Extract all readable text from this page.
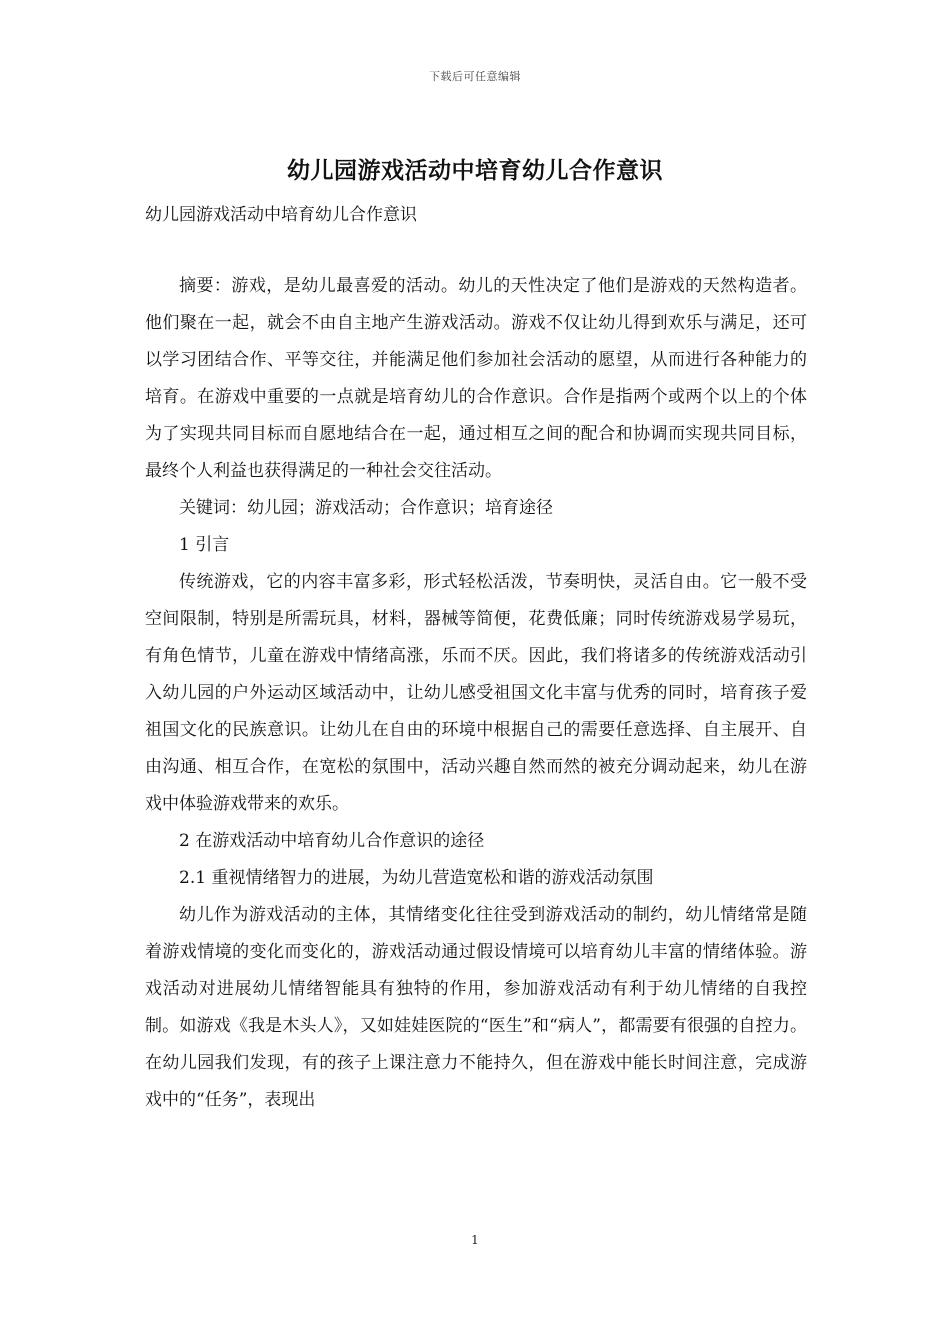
下载后可任意编辑
幼儿园游戏活动中培育幼儿合作意识
幼儿园游戏活动中培育幼儿合作意识

摘要：游戏，是幼儿最喜爱的活动。幼儿的天性决定了他们是游戏的天然构造者。他们聚在一起，就会不由自主地产生游戏活动。游戏不仅让幼儿得到欢乐与满足，还可以学习团结合作、平等交往，并能满足他们参加社会活动的愿望，从而进行各种能力的培育。在游戏中重要的一点就是培育幼儿的合作意识。合作是指两个或两个以上的个体为了实现共同目标而自愿地结合在一起，通过相互之间的配合和协调而实现共同目标，最终个人利益也获得满足的一种社会交往活动。

关键词：幼儿园；游戏活动；合作意识；培育途径

1 引言

传统游戏，它的内容丰富多彩，形式轻松活泼，节奏明快，灵活自由。它一般不受空间限制，特别是所需玩具，材料，器械等简便，花费低廉；同时传统游戏易学易玩，有角色情节，儿童在游戏中情绪高涨，乐而不厌。因此，我们将诸多的传统游戏活动引入幼儿园的户外运动区域活动中，让幼儿感受祖国文化丰富与优秀的同时，培育孩子爱祖国文化的民族意识。让幼儿在自由的环境中根据自己的需要任意选择、自主展开、自由沟通、相互合作，在宽松的氛围中，活动兴趣自然而然的被充分调动起来，幼儿在游戏中体验游戏带来的欢乐。

2 在游戏活动中培育幼儿合作意识的途径

2.1 重视情绪智力的进展，为幼儿营造宽松和谐的游戏活动氛围

幼儿作为游戏活动的主体，其情绪变化往往受到游戏活动的制约，幼儿情绪常是随着游戏情境的变化而变化的，游戏活动通过假设情境可以培育幼儿丰富的情绪体验。游戏活动对进展幼儿情绪智能具有独特的作用，参加游戏活动有利于幼儿情绪的自我控制。如游戏《我是木头人》，又如娃娃医院的“医生”和“病人”，都需要有很强的自控力。在幼儿园我们发现，有的孩子上课注意力不能持久，但在游戏中能长时间注意，完成游戏中的“任务”，表现出

1
